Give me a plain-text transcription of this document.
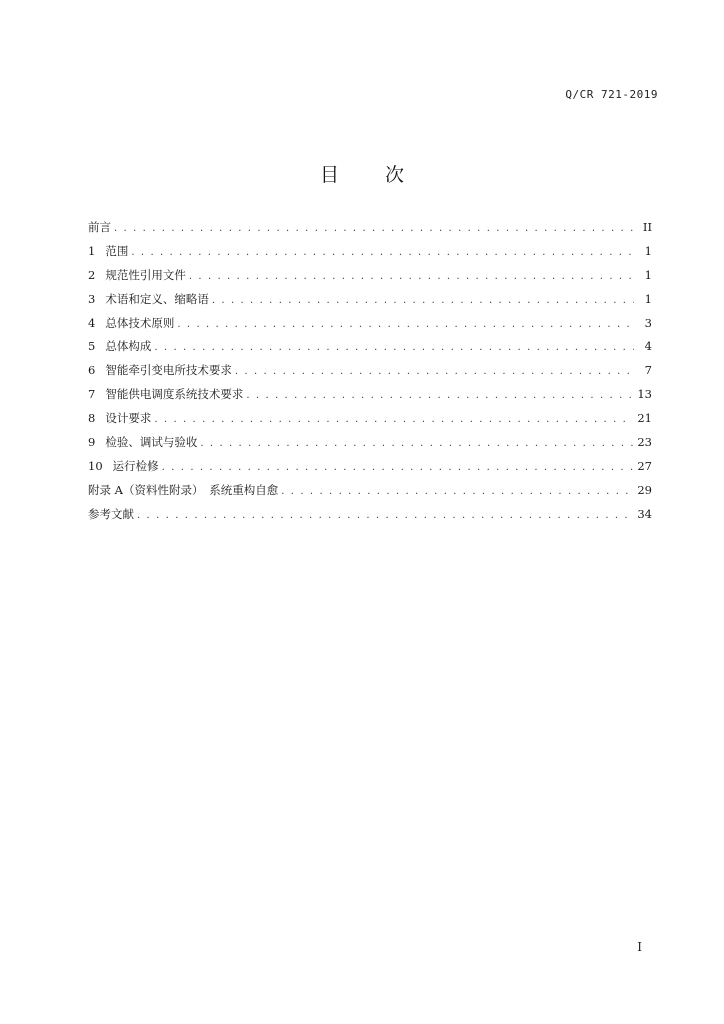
Q/CR 721-2019
目 次
前言 . . .	II
1 范围 . . .	1
2 规范性引用文件 . . .	1
3 术语和定义、缩略语 . . .	1
4 总体技术原则 . . .	3
5 总体构成 . . .	4
6 智能牵引变电所技术要求 . . .	7
7 智能供电调度系统技术要求 . . .	13
8 设计要求 . . .	21
9 检验、调试与验收 . . .	23
10 运行检修 . . .	27
附录 A（资料性附录）　系统重构自愈 . . .	29
参考文献 . . .	34
I
